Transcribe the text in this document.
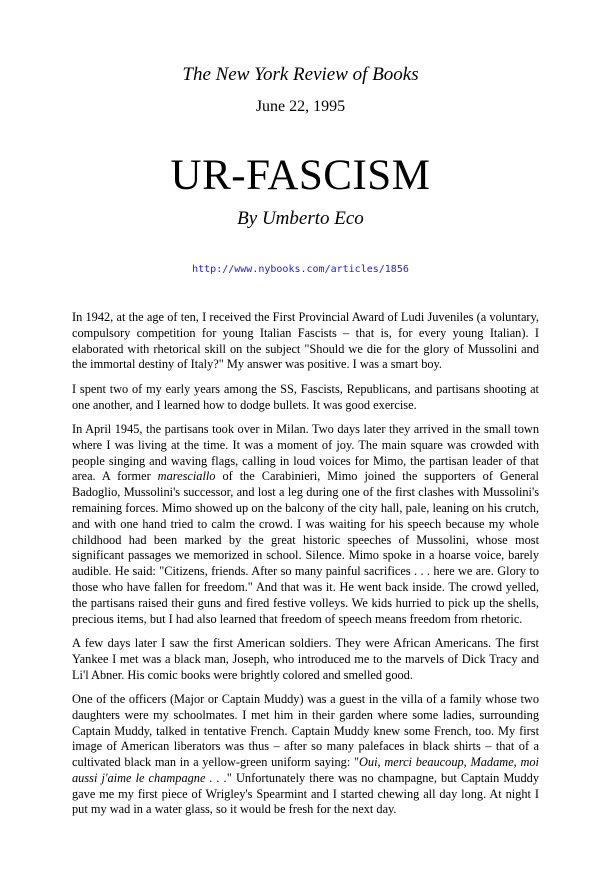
The New York Review of Books
June 22, 1995
UR-FASCISM
By Umberto Eco
http://www.nybooks.com/articles/1856

In 1942, at the age of ten, I received the First Provincial Award of Ludi Juveniles (a voluntary, compulsory competition for young Italian Fascists – that is, for every young Italian). I elaborated with rhetorical skill on the subject "Should we die for the glory of Mussolini and the immortal destiny of Italy?" My answer was positive. I was a smart boy.

I spent two of my early years among the SS, Fascists, Republicans, and partisans shooting at one another, and I learned how to dodge bullets. It was good exercise.

In April 1945, the partisans took over in Milan. Two days later they arrived in the small town where I was living at the time. It was a moment of joy. The main square was crowded with people singing and waving flags, calling in loud voices for Mimo, the partisan leader of that area. A former maresciallo of the Carabinieri, Mimo joined the supporters of General Badoglio, Mussolini's successor, and lost a leg during one of the first clashes with Mussolini's remaining forces. Mimo showed up on the balcony of the city hall, pale, leaning on his crutch, and with one hand tried to calm the crowd. I was waiting for his speech because my whole childhood had been marked by the great historic speeches of Mussolini, whose most significant passages we memorized in school. Silence. Mimo spoke in a hoarse voice, barely audible. He said: "Citizens, friends. After so many painful sacrifices . . . here we are. Glory to those who have fallen for freedom." And that was it. He went back inside. The crowd yelled, the partisans raised their guns and fired festive volleys. We kids hurried to pick up the shells, precious items, but I had also learned that freedom of speech means freedom from rhetoric.

A few days later I saw the first American soldiers. They were African Americans. The first Yankee I met was a black man, Joseph, who introduced me to the marvels of Dick Tracy and Li'l Abner. His comic books were brightly colored and smelled good.

One of the officers (Major or Captain Muddy) was a guest in the villa of a family whose two daughters were my schoolmates. I met him in their garden where some ladies, surrounding Captain Muddy, talked in tentative French. Captain Muddy knew some French, too. My first image of American liberators was thus – after so many palefaces in black shirts – that of a cultivated black man in a yellow-green uniform saying: "Oui, merci beaucoup, Madame, moi aussi j'aime le champagne . . ." Unfortunately there was no champagne, but Captain Muddy gave me my first piece of Wrigley's Spearmint and I started chewing all day long. At night I put my wad in a water glass, so it would be fresh for the next day.
